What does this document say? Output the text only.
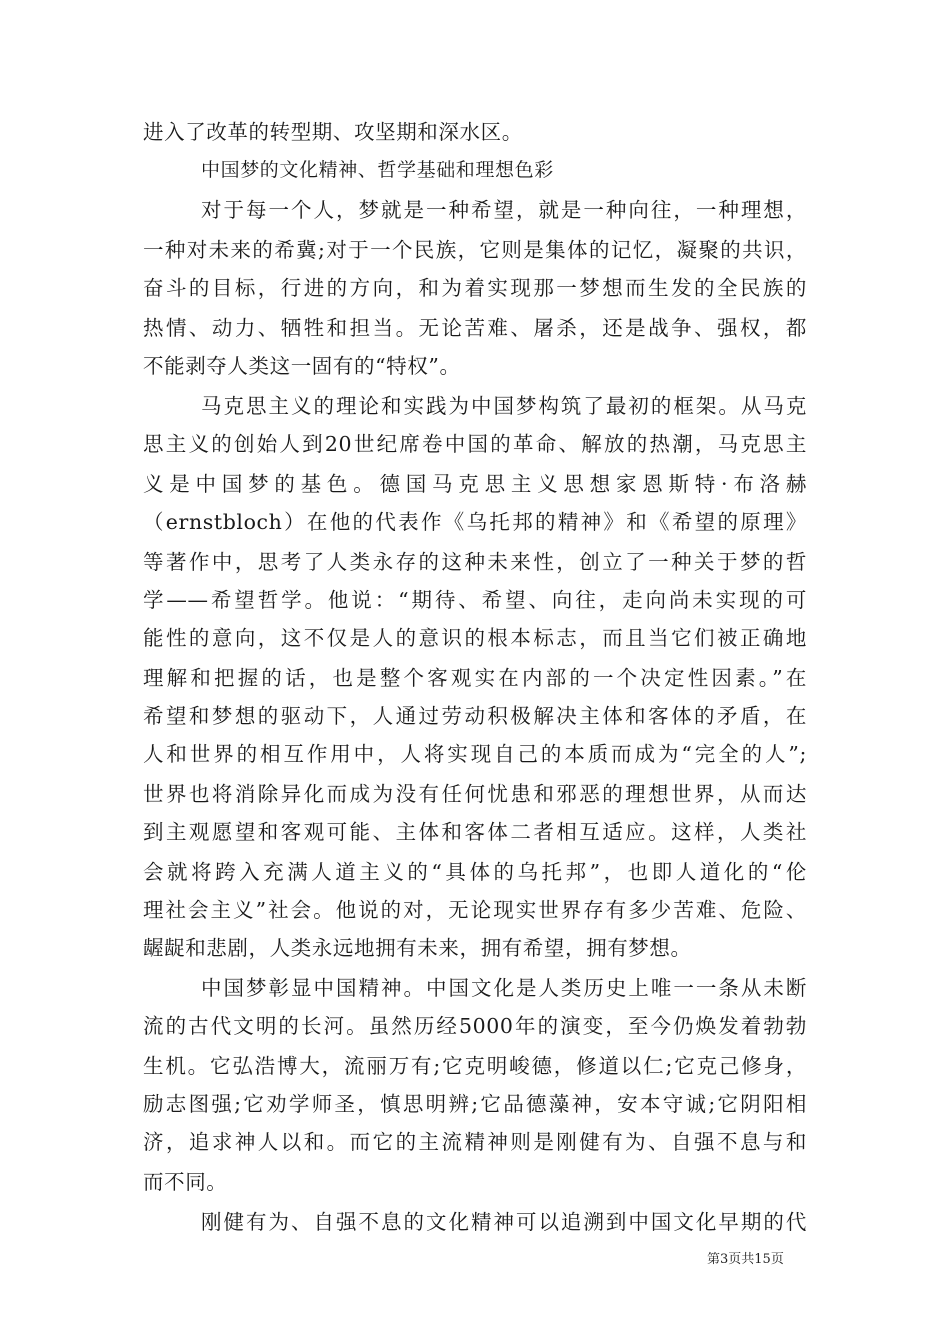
进入了改革的转型期、攻坚期和深水区。
中国梦的文化精神、哲学基础和理想色彩
对于每一个人，梦就是一种希望，就是一种向往，一种理想，
一种对未来的希冀;对于一个民族，它则是集体的记忆，凝聚的共识，
奋斗的目标，行进的方向，和为着实现那一梦想而生发的全民族的
热情、动力、牺牲和担当。无论苦难、屠杀，还是战争、强权，都
不能剥夺人类这一固有的“特权”。
马克思主义的理论和实践为中国梦构筑了最初的框架。从马克
思主义的创始人到20世纪席卷中国的革命、解放的热潮，马克思主
义是中国梦的基色。德国马克思主义思想家恩斯特·布洛赫
（ernstbloch）在他的代表作《乌托邦的精神》和《希望的原理》
等著作中，思考了人类永存的这种未来性，创立了一种关于梦的哲
学——希望哲学。他说：“期待、希望、向往，走向尚未实现的可
能性的意向，这不仅是人的意识的根本标志，而且当它们被正确地
理解和把握的话，也是整个客观实在内部的一个决定性因素。”在
希望和梦想的驱动下，人通过劳动积极解决主体和客体的矛盾，在
人和世界的相互作用中，人将实现自己的本质而成为“完全的人”;
世界也将消除异化而成为没有任何忧患和邪恶的理想世界，从而达
到主观愿望和客观可能、主体和客体二者相互适应。这样，人类社
会就将跨入充满人道主义的“具体的乌托邦”，也即人道化的“伦
理社会主义”社会。他说的对，无论现实世界存有多少苦难、危险、
龌龊和悲剧，人类永远地拥有未来，拥有希望，拥有梦想。
中国梦彰显中国精神。中国文化是人类历史上唯一一条从未断
流的古代文明的长河。虽然历经5000年的演变，至今仍焕发着勃勃
生机。它弘浩博大，流丽万有;它克明峻德，修道以仁;它克己修身，
励志图强;它劝学师圣，慎思明辨;它品德藻神，安本守诚;它阴阳相
济，追求神人以和。而它的主流精神则是刚健有为、自强不息与和
而不同。
刚健有为、自强不息的文化精神可以追溯到中国文化早期的代
第3页共15页
